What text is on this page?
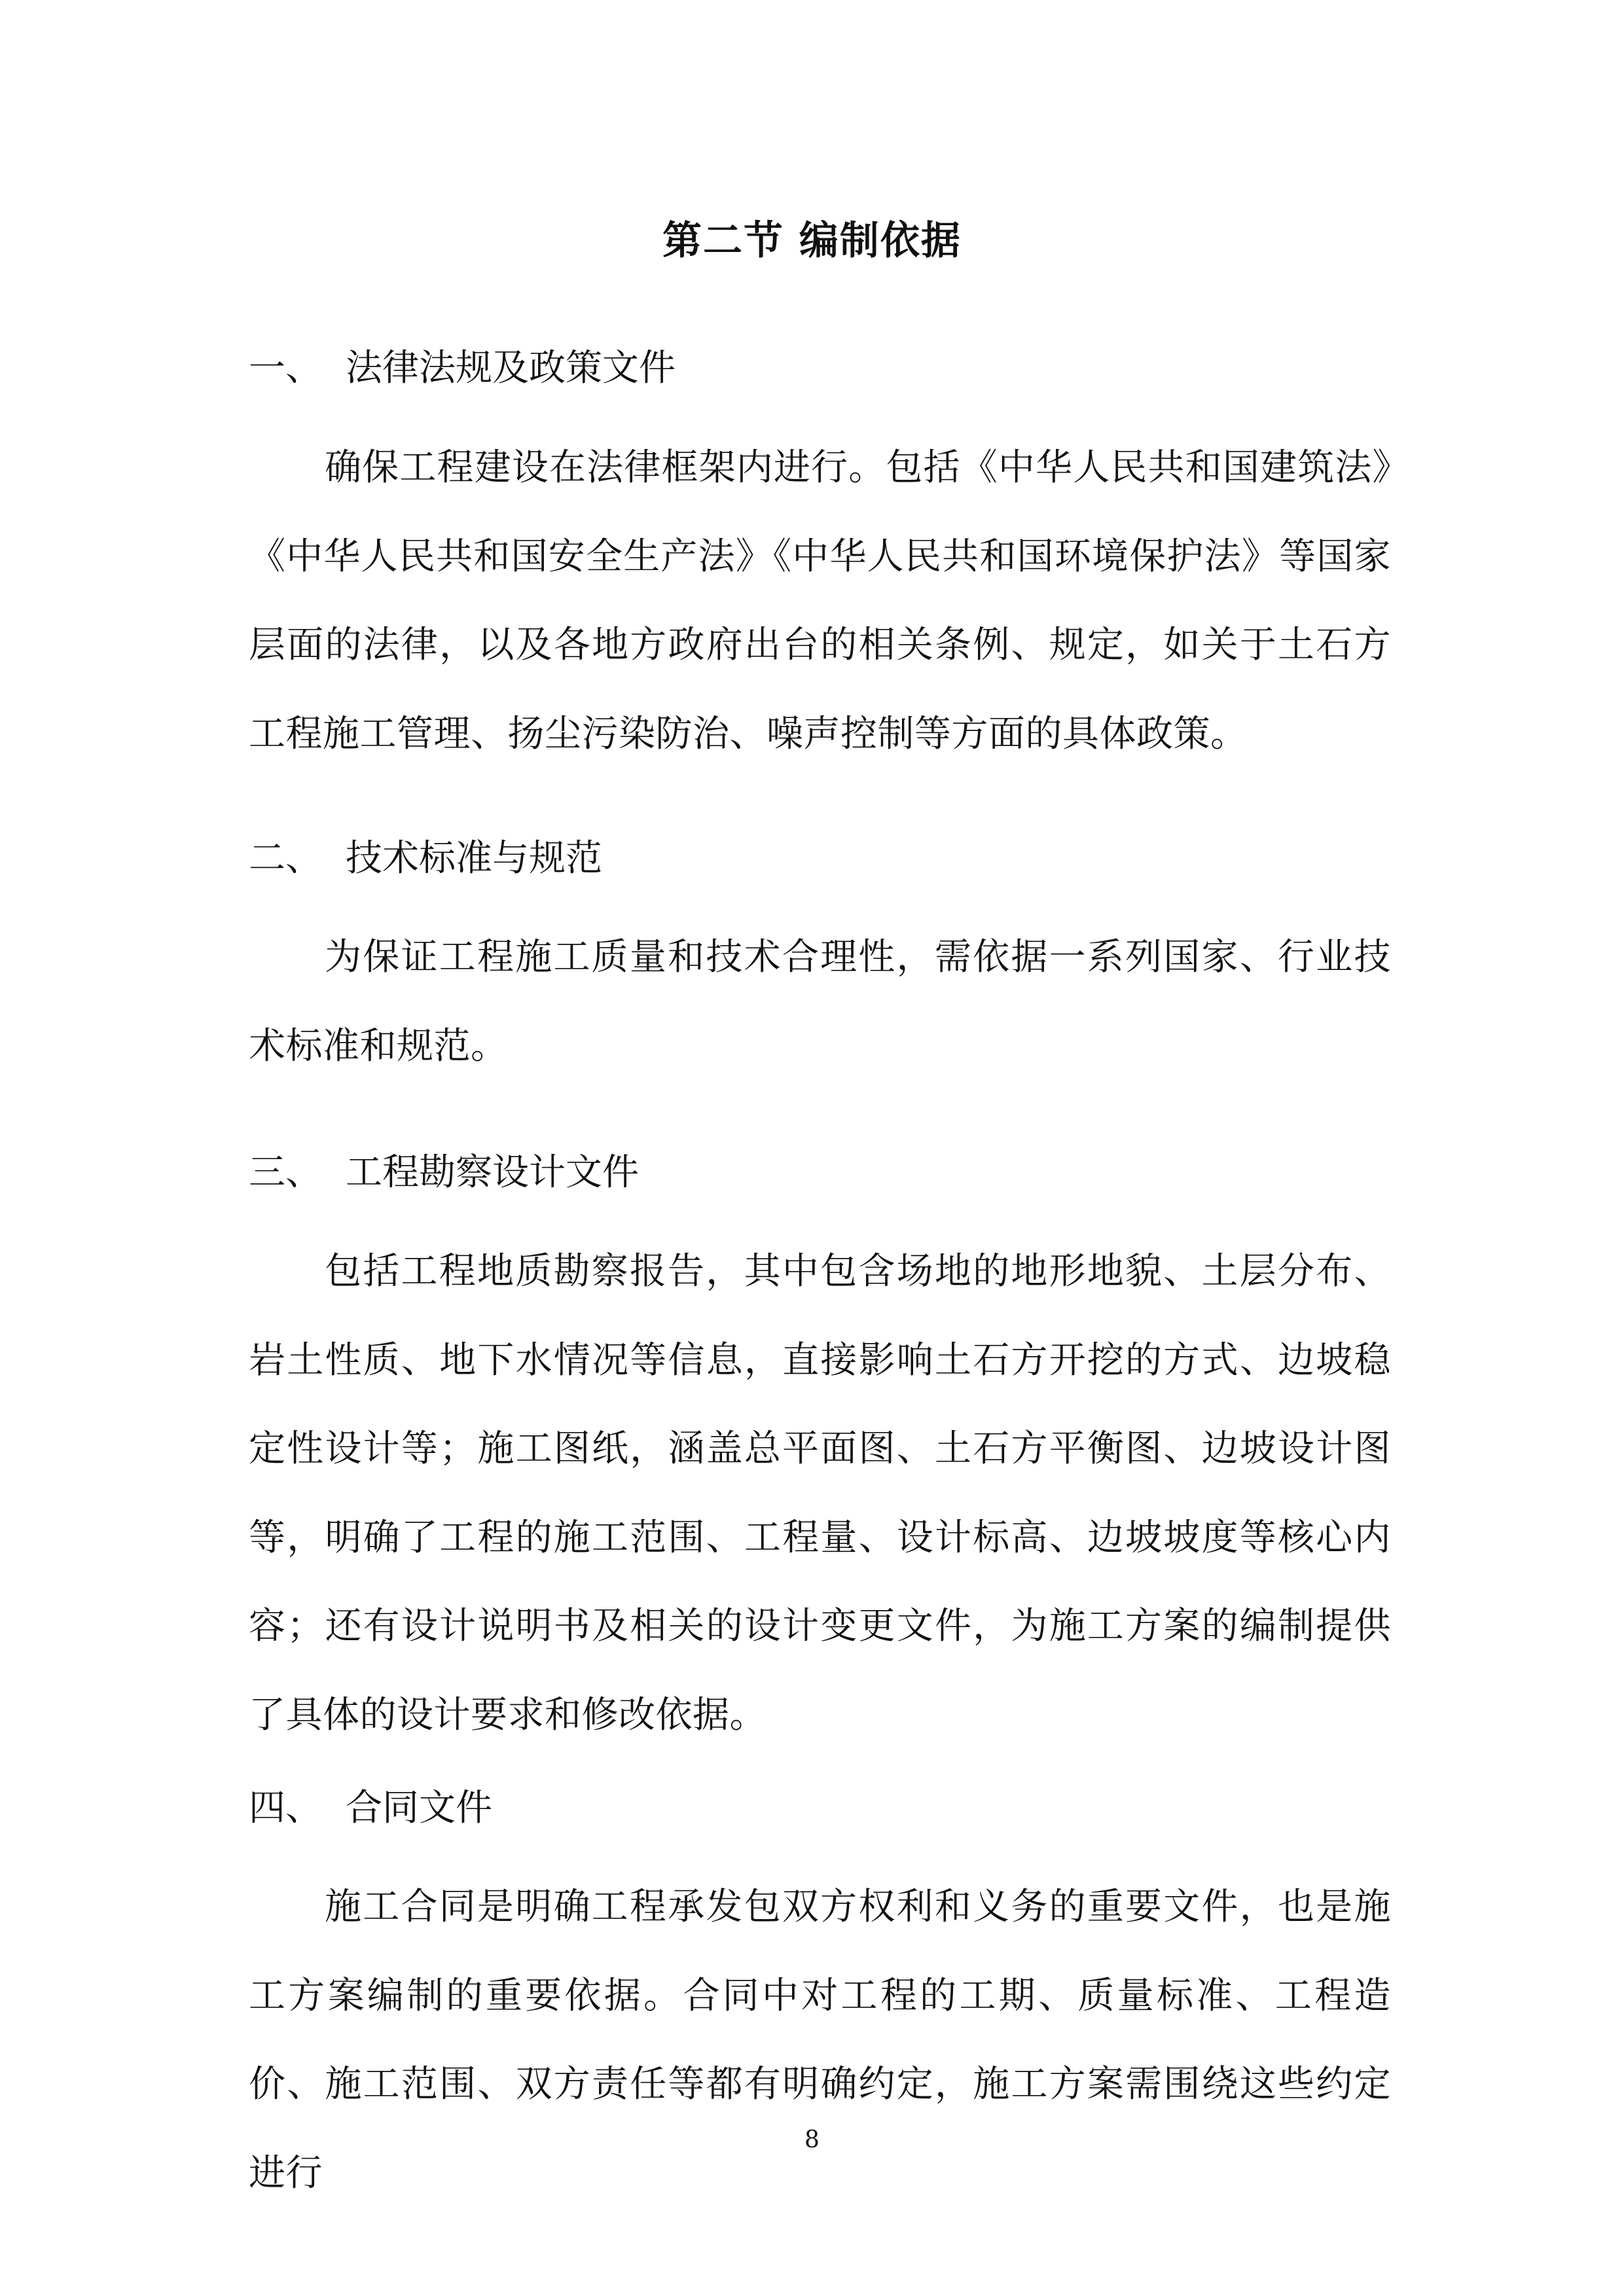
第二节 编制依据
一、 法律法规及政策文件
确保工程建设在法律框架内进行。包括《中华人民共和国建筑法》《中华人民共和国安全生产法》《中华人民共和国环境保护法》等国家层面的法律，以及各地方政府出台的相关条例、规定，如关于土石方工程施工管理、扬尘污染防治、噪声控制等方面的具体政策。
二、 技术标准与规范
为保证工程施工质量和技术合理性，需依据一系列国家、行业技术标准和规范。
三、 工程勘察设计文件
包括工程地质勘察报告，其中包含场地的地形地貌、土层分布、岩土性质、地下水情况等信息，直接影响土石方开挖的方式、边坡稳定性设计等；施工图纸，涵盖总平面图、土石方平衡图、边坡设计图等，明确了工程的施工范围、工程量、设计标高、边坡坡度等核心内容；还有设计说明书及相关的设计变更文件，为施工方案的编制提供了具体的设计要求和修改依据。
四、 合同文件
施工合同是明确工程承发包双方权利和义务的重要文件，也是施工方案编制的重要依据。合同中对工程的工期、质量标准、工程造价、施工范围、双方责任等都有明确约定，施工方案需围绕这些约定进行
8
